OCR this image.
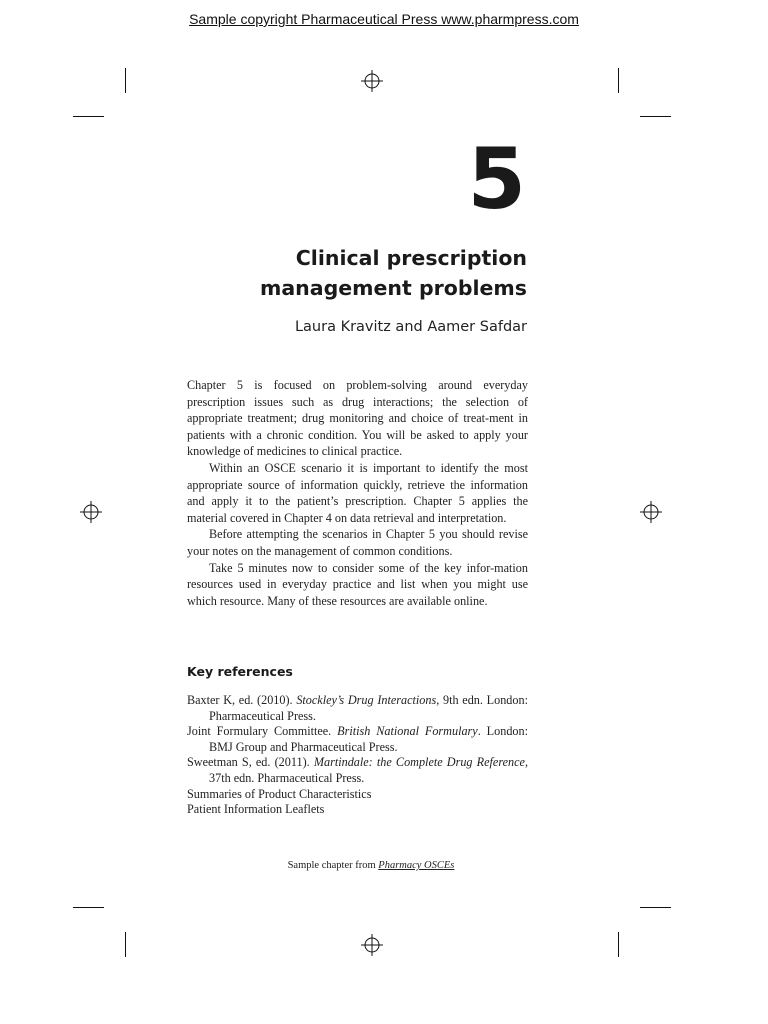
Sample copyright Pharmaceutical Press www.pharmpress.com
5
Clinical prescription
management problems
Laura Kravitz and Aamer Safdar

Chapter 5 is focused on problem-solving around everyday prescription issues such as drug interactions; the selection of appropriate treatment; drug monitoring and choice of treat-ment in patients with a chronic condition. You will be asked to apply your knowledge of medicines to clinical practice.

Within an OSCE scenario it is important to identify the most appropriate source of information quickly, retrieve the information and apply it to the patient’s prescription. Chapter 5 applies the material covered in Chapter 4 on data retrieval and interpretation.

Before attempting the scenarios in Chapter 5 you should revise your notes on the management of common conditions.

Take 5 minutes now to consider some of the key infor-mation resources used in everyday practice and list when you might use which resource. Many of these resources are available online.

Key references
Baxter K, ed. (2010). Stockley’s Drug Interactions, 9th edn. London: Pharmaceutical Press.
Joint Formulary Committee. British National Formulary. London: BMJ Group and Pharmaceutical Press.
Sweetman S, ed. (2011). Martindale: the Complete Drug Reference, 37th edn. Pharmaceutical Press.
Summaries of Product Characteristics
Patient Information Leaflets
Sample chapter from Pharmacy OSCEs
